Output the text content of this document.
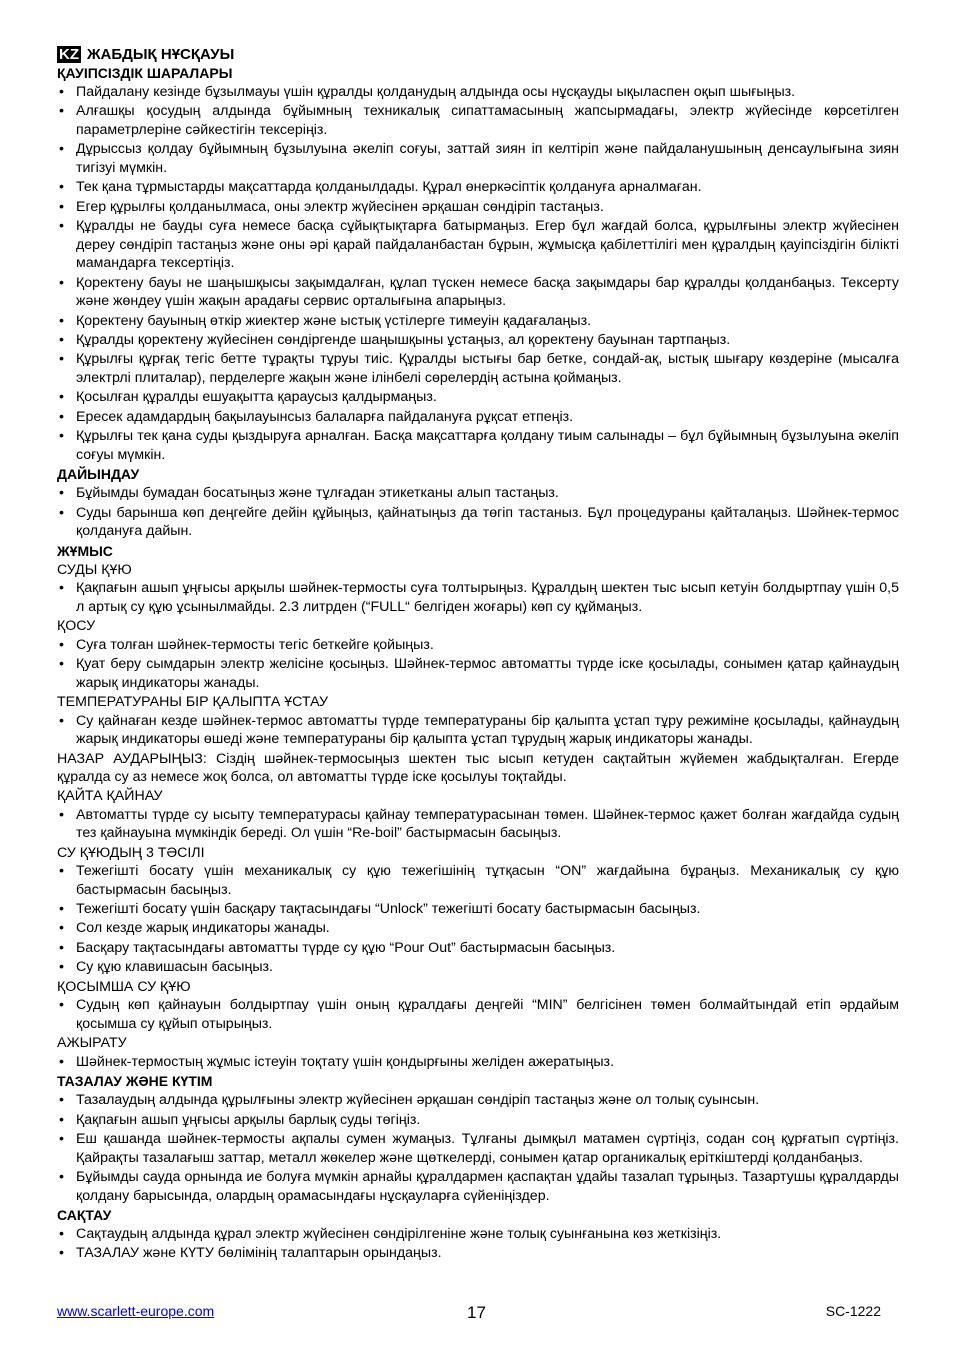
KZ ЖАБДЫҚ НҰСҚАУЫ
ҚАУІПСІЗДІК ШАРАЛАРЫ
• Пайдалану кезінде бұзылмауы үшін құралды қолданудың алдында осы нұсқауды ықыласпен оқып шығыңыз.
• Алғашқы қосудың алдында бұйымның техникалық сипаттамасының жапсырмадағы, электр жүйесінде көрсетілген параметрлеріне сәйкестігін тексеріңіз.
• Дұрыссыз қолдау бұйымның бұзылуына әкеліп соғуы, заттай зиян іп келтіріп және пайдаланушының денсаулығына зиян тигізуі мүмкін.
• Тек қана тұрмыстарды мақсаттарда қолданылдады. Құрал өнеркәсіптік қолдануға арналмаған.
• Егер құрылғы қолданылмаса, оны электр жүйесінен әрқашан сөндіріп тастаңыз.
• Құралды не бауды суға немесе басқа сұйықтықтарға батырмаңыз. Егер бұл жағдай болса, құрылғыны электр жүйесінен дереу сөндіріп тастаңыз және оны әрі қарай пайдаланбастан бұрын, жұмысқа қабілеттілігі мен құралдың қауіпсіздігін білікті мамандарға тексертіңіз.
• Қоректену бауы не шаңышқысы зақымдалған, құлап түскен немесе басқа зақымдары бар құралды қолданбаңыз. Тексерту және жөндеу үшін жақын арадағы сервис орталығына апарыңыз.
• Қоректену бауының өткір жиектер және ыстық үстілерге тимеуін қадағалаңыз.
• Құралды қоректену жүйесінен сөндіргенде шаңышқыны ұстаңыз, ал қоректену бауынан тартпаңыз.
• Құрылғы құрғақ тегіс бетте тұрақты тұруы тиіс. Құралды ыстығы бар бетке, сондай-ақ, ыстық шығару көздеріне (мысалға электрлі плиталар), перделерге жақын және ілінбелі сөрелердің астына қоймаңыз.
• Қосылған құралды ешуақытта қараусыз қалдырмаңыз.
• Ересек адамдардың бақылауынсыз балаларға пайдалануға рұқсат етпеңіз.
• Құрылғы тек қана суды қыздыруға арналған. Басқа мақсаттарға қолдану тиым салынады – бұл бұйымның бұзылуына әкеліп соғуы мүмкін.
ДАЙЫНДАУ
• Бұйымды бумадан босатыңыз және тұлғадан этикетканы алып тастаңыз.
• Суды барынша көп деңгейге дейін құйыңыз, қайнатыңыз да төгіп тастаныз. Бұл процедураны қайталаңыз. Шәйнек-термос қолдануға дайын.
ЖҰМЫС
СУДЫ ҚҰЮ
• Қақпағын ашып ұңғысы арқылы шәйнек-термосты суға толтырыңыз. Құралдың шектен тыс ысып кетуін болдыртпау үшін 0,5 л артық су құю ұсынылмайды. 2.3 литрден (“FULL“ белгіден жоғары) көп су құймаңыз.
ҚОСУ
• Суға толған шәйнек-термосты тегіс беткейге қойыңыз.
• Қуат беру сымдарын электр желісіне қосыңыз. Шәйнек-термос автоматты түрде іске қосылады, сонымен қатар қайнаудың жарық индикаторы жанады.
ТЕМПЕРАТУРАНЫ БІР ҚАЛЫПТА ҰСТАУ
• Су қайнаған кезде шәйнек-термос автоматты түрде температураны бір қалыпта ұстап тұру режиміне қосылады, қайнаудың жарық индикаторы өшеді және температураны бір қалыпта ұстап тұрудың жарық индикаторы жанады.
НАЗАР АУДАРЫҢЫЗ: Сіздің шәйнек-термосыңыз шектен тыс ысып кетуден сақтайтын жүйемен жабдықталған. Егерде құралда су аз немесе жоқ болса, ол автоматты түрде іске қосылуы тоқтайды.
ҚАЙТА ҚАЙНАУ
• Автоматты түрде су ысыту температурасы қайнау температурасынан төмен. Шәйнек-термос қажет болған жағдайда судың тез қайнауына мүмкіндік береді. Ол үшін “Re-boil” бастырмасын басыңыз.
СУ ҚҰЮДЫҢ 3 ТӘСІЛІ
• Тежегішті босату үшін механикалық су құю тежегішінің тұтқасын “ON” жағдайына бұраңыз. Механикалық су құю бастырмасын басыңыз.
• Тежегішті босату үшін басқару тақтасындағы “Unlock” тежегішті босату бастырмасын басыңыз.
• Сол кезде жарық индикаторы жанады.
• Басқару тақтасындағы автоматты түрде су құю “Pour Out” бастырмасын басыңыз.
• Су құю клавишасын басыңыз.
ҚОСЫМША СУ ҚҰЮ
• Судың көп қайнауын болдыртпау үшін оның құралдағы деңгейі “MIN” белгісінен төмен болмайтындай етіп әрдайым қосымша су құйып отырыңыз.
АЖЫРАТУ
• Шәйнек-термостың жұмыс істеуін тоқтату үшін қондырғыны желіден ажератыңыз.
ТАЗАЛАУ ЖӘНЕ КҮТІМ
• Тазалаудың алдында құрылғыны электр жүйесінен әрқашан сөндіріп тастаңыз және ол толық суынсын.
• Қақпағын ашып ұңғысы арқылы барлық суды төгіңіз.
• Еш қашанда шәйнек-термосты ақпалы сумен жумаңыз. Тұлғаны дымқыл матамен сүртіңіз, содан соң құрғатып сүртіңіз. Қайрақты тазалағыш заттар, металл жөкелер және щөткелерді, сонымен қатар органикалық еріткіштерді қолданбаңыз.
• Бұйымды сауда орнында ие болуға мүмкін арнайы құралдармен қаспақтан ұдайы тазалап тұрыңыз. Тазартушы құралдарды қолдану барысында, олардың орамасындағы нұсқауларға сүйеніңіздер.
САҚТАУ
• Сақтаудың алдында құрал электр жүйесінен сөндірілгеніне және толық суынғанына көз жеткізіңіз.
• ТАЗАЛАУ және КҮТУ бөлімінің талаптарын орындаңыз.
www.scarlett-europe.com	17	SC-1222
